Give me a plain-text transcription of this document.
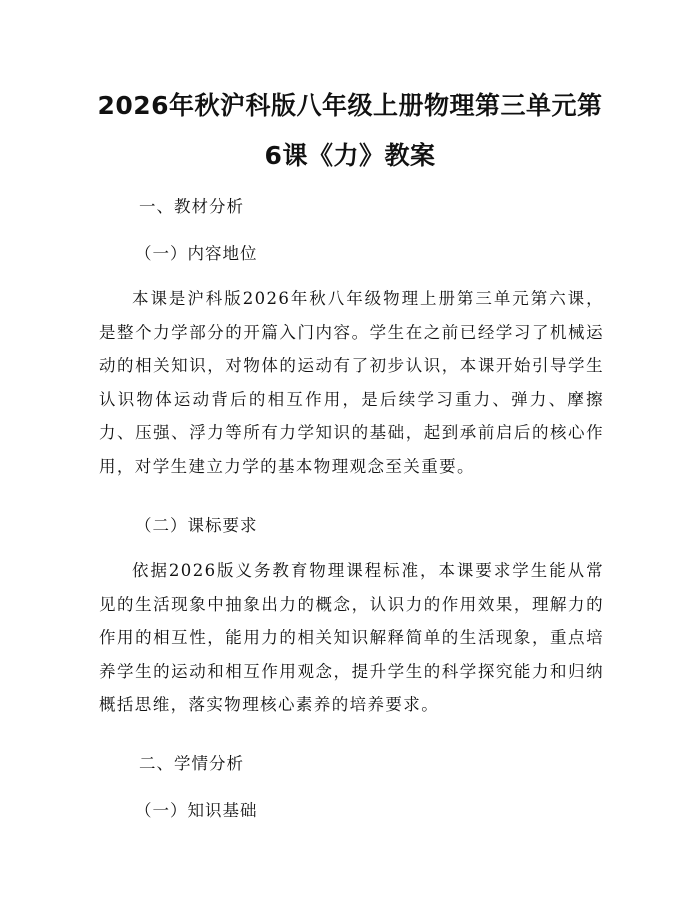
2026年秋沪科版八年级上册物理第三单元第
6课《力》教案
一、教材分析
（一）内容地位

本课是沪科版2026年秋八年级物理上册第三单元第六课，是整个力学部分的开篇入门内容。学生在之前已经学习了机械运动的相关知识，对物体的运动有了初步认识，本课开始引导学生认识物体运动背后的相互作用，是后续学习重力、弹力、摩擦力、压强、浮力等所有力学知识的基础，起到承前启后的核心作用，对学生建立力学的基本物理观念至关重要。

（二）课标要求

依据2026版义务教育物理课程标准，本课要求学生能从常见的生活现象中抽象出力的概念，认识力的作用效果，理解力的作用的相互性，能用力的相关知识解释简单的生活现象，重点培养学生的运动和相互作用观念，提升学生的科学探究能力和归纳概括思维，落实物理核心素养的培养要求。

二、学情分析
（一）知识基础
